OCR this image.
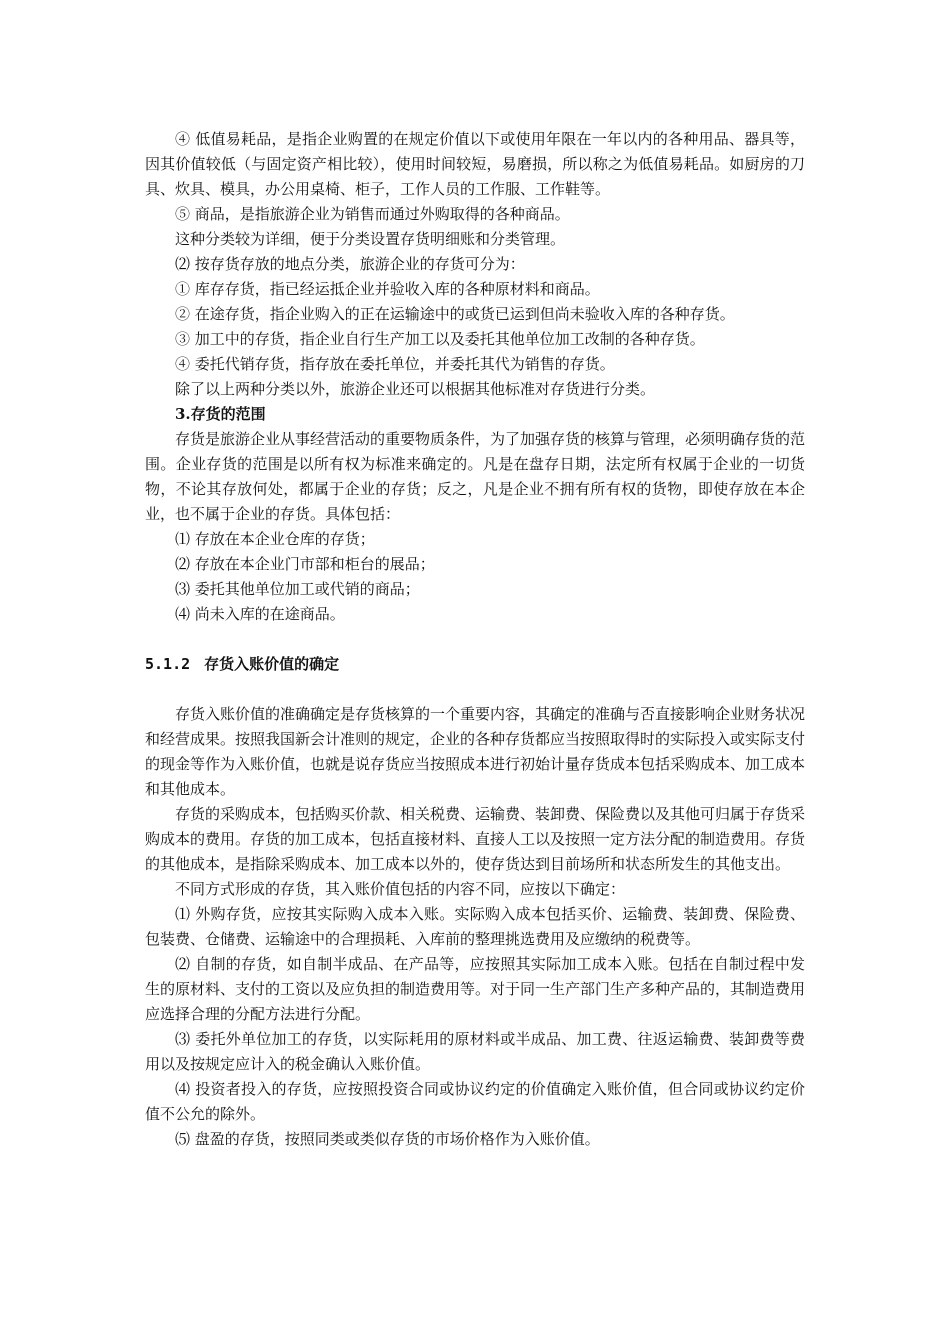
④ 低值易耗品，是指企业购置的在规定价值以下或使用年限在一年以内的各种用品、器具等，因其价值较低（与固定资产相比较），使用时间较短，易磨损，所以称之为低值易耗品。如厨房的刀具、炊具、模具，办公用桌椅、柜子，工作人员的工作服、工作鞋等。

⑤ 商品，是指旅游企业为销售而通过外购取得的各种商品。

这种分类较为详细，便于分类设置存货明细账和分类管理。

⑵ 按存货存放的地点分类，旅游企业的存货可分为：

① 库存存货，指已经运抵企业并验收入库的各种原材料和商品。

② 在途存货，指企业购入的正在运输途中的或货已运到但尚未验收入库的各种存货。

③ 加工中的存货，指企业自行生产加工以及委托其他单位加工改制的各种存货。

④ 委托代销存货，指存放在委托单位，并委托其代为销售的存货。

除了以上两种分类以外，旅游企业还可以根据其他标准对存货进行分类。

3.存货的范围

存货是旅游企业从事经营活动的重要物质条件，为了加强存货的核算与管理，必须明确存货的范围。企业存货的范围是以所有权为标准来确定的。凡是在盘存日期，法定所有权属于企业的一切货物，不论其存放何处，都属于企业的存货；反之，凡是企业不拥有所有权的货物，即使存放在本企业，也不属于企业的存货。具体包括：

⑴ 存放在本企业仓库的存货；

⑵ 存放在本企业门市部和柜台的展品；

⑶ 委托其他单位加工或代销的商品；

⑷ 尚未入库的在途商品。

5.1.2 存货入账价值的确定

存货入账价值的准确确定是存货核算的一个重要内容，其确定的准确与否直接影响企业财务状况和经营成果。按照我国新会计准则的规定，企业的各种存货都应当按照取得时的实际投入或实际支付的现金等作为入账价值，也就是说存货应当按照成本进行初始计量存货成本包括采购成本、加工成本和其他成本。

存货的采购成本，包括购买价款、相关税费、运输费、装卸费、保险费以及其他可归属于存货采购成本的费用。存货的加工成本，包括直接材料、直接人工以及按照一定方法分配的制造费用。存货的其他成本，是指除采购成本、加工成本以外的，使存货达到目前场所和状态所发生的其他支出。

不同方式形成的存货，其入账价值包括的内容不同，应按以下确定：

⑴ 外购存货，应按其实际购入成本入账。实际购入成本包括买价、运输费、装卸费、保险费、包装费、仓储费、运输途中的合理损耗、入库前的整理挑选费用及应缴纳的税费等。

⑵ 自制的存货，如自制半成品、在产品等，应按照其实际加工成本入账。包括在自制过程中发生的原材料、支付的工资以及应负担的制造费用等。对于同一生产部门生产多种产品的，其制造费用应选择合理的分配方法进行分配。

⑶ 委托外单位加工的存货，以实际耗用的原材料或半成品、加工费、往返运输费、装卸费等费用以及按规定应计入的税金确认入账价值。

⑷ 投资者投入的存货，应按照投资合同或协议约定的价值确定入账价值，但合同或协议约定价值不公允的除外。

⑸ 盘盈的存货，按照同类或类似存货的市场价格作为入账价值。
